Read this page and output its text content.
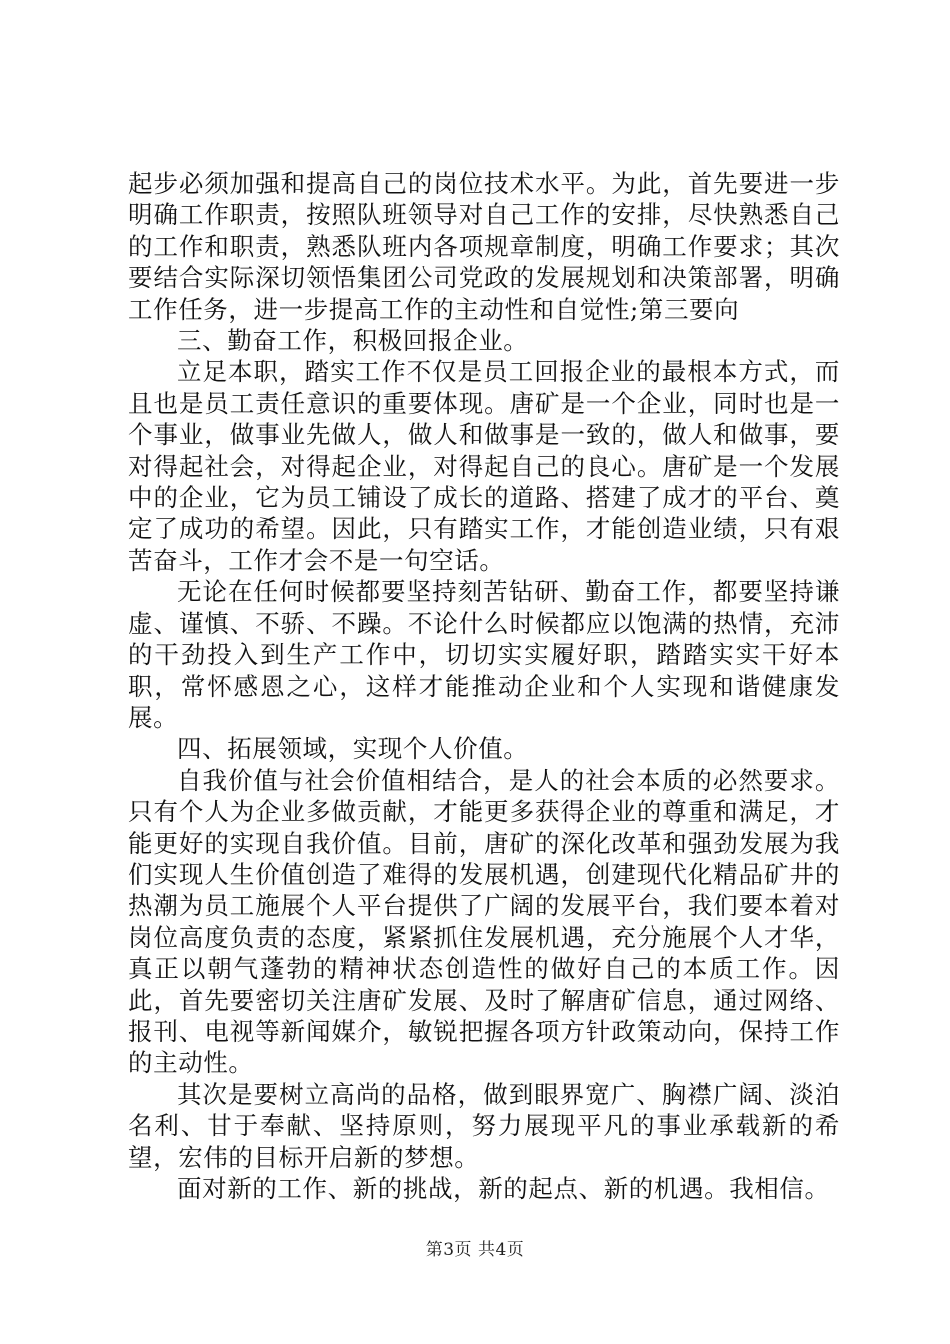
起步必须加强和提高自己的岗位技术水平。为此，首先要进一步明确工作职责，按照队班领导对自己工作的安排，尽快熟悉自己的工作和职责，熟悉队班内各项规章制度，明确工作要求；其次要结合实际深切领悟集团公司党政的发展规划和决策部署，明确工作任务，进一步提高工作的主动性和自觉性;第三要向

三、勤奋工作，积极回报企业。

立足本职，踏实工作不仅是员工回报企业的最根本方式，而且也是员工责任意识的重要体现。唐矿是一个企业，同时也是一个事业，做事业先做人，做人和做事是一致的，做人和做事，要对得起社会，对得起企业，对得起自己的良心。唐矿是一个发展中的企业，它为员工铺设了成长的道路、搭建了成才的平台、奠定了成功的希望。因此，只有踏实工作，才能创造业绩，只有艰苦奋斗，工作才会不是一句空话。

无论在任何时候都要坚持刻苦钻研、勤奋工作，都要坚持谦虚、谨慎、不骄、不躁。不论什么时候都应以饱满的热情，充沛的干劲投入到生产工作中，切切实实履好职，踏踏实实干好本职，常怀感恩之心，这样才能推动企业和个人实现和谐健康发展。

四、拓展领域，实现个人价值。

自我价值与社会价值相结合，是人的社会本质的必然要求。只有个人为企业多做贡献，才能更多获得企业的尊重和满足，才能更好的实现自我价值。目前，唐矿的深化改革和强劲发展为我们实现人生价值创造了难得的发展机遇，创建现代化精品矿井的热潮为员工施展个人平台提供了广阔的发展平台，我们要本着对岗位高度负责的态度，紧紧抓住发展机遇，充分施展个人才华，真正以朝气蓬勃的精神状态创造性的做好自己的本质工作。因此，首先要密切关注唐矿发展、及时了解唐矿信息，通过网络、报刊、电视等新闻媒介，敏锐把握各项方针政策动向，保持工作的主动性。

其次是要树立高尚的品格，做到眼界宽广、胸襟广阔、淡泊名利、甘于奉献、坚持原则，努力展现平凡的事业承载新的希望，宏伟的目标开启新的梦想。

面对新的工作、新的挑战，新的起点、新的机遇。我相信。

第3页 共4页
